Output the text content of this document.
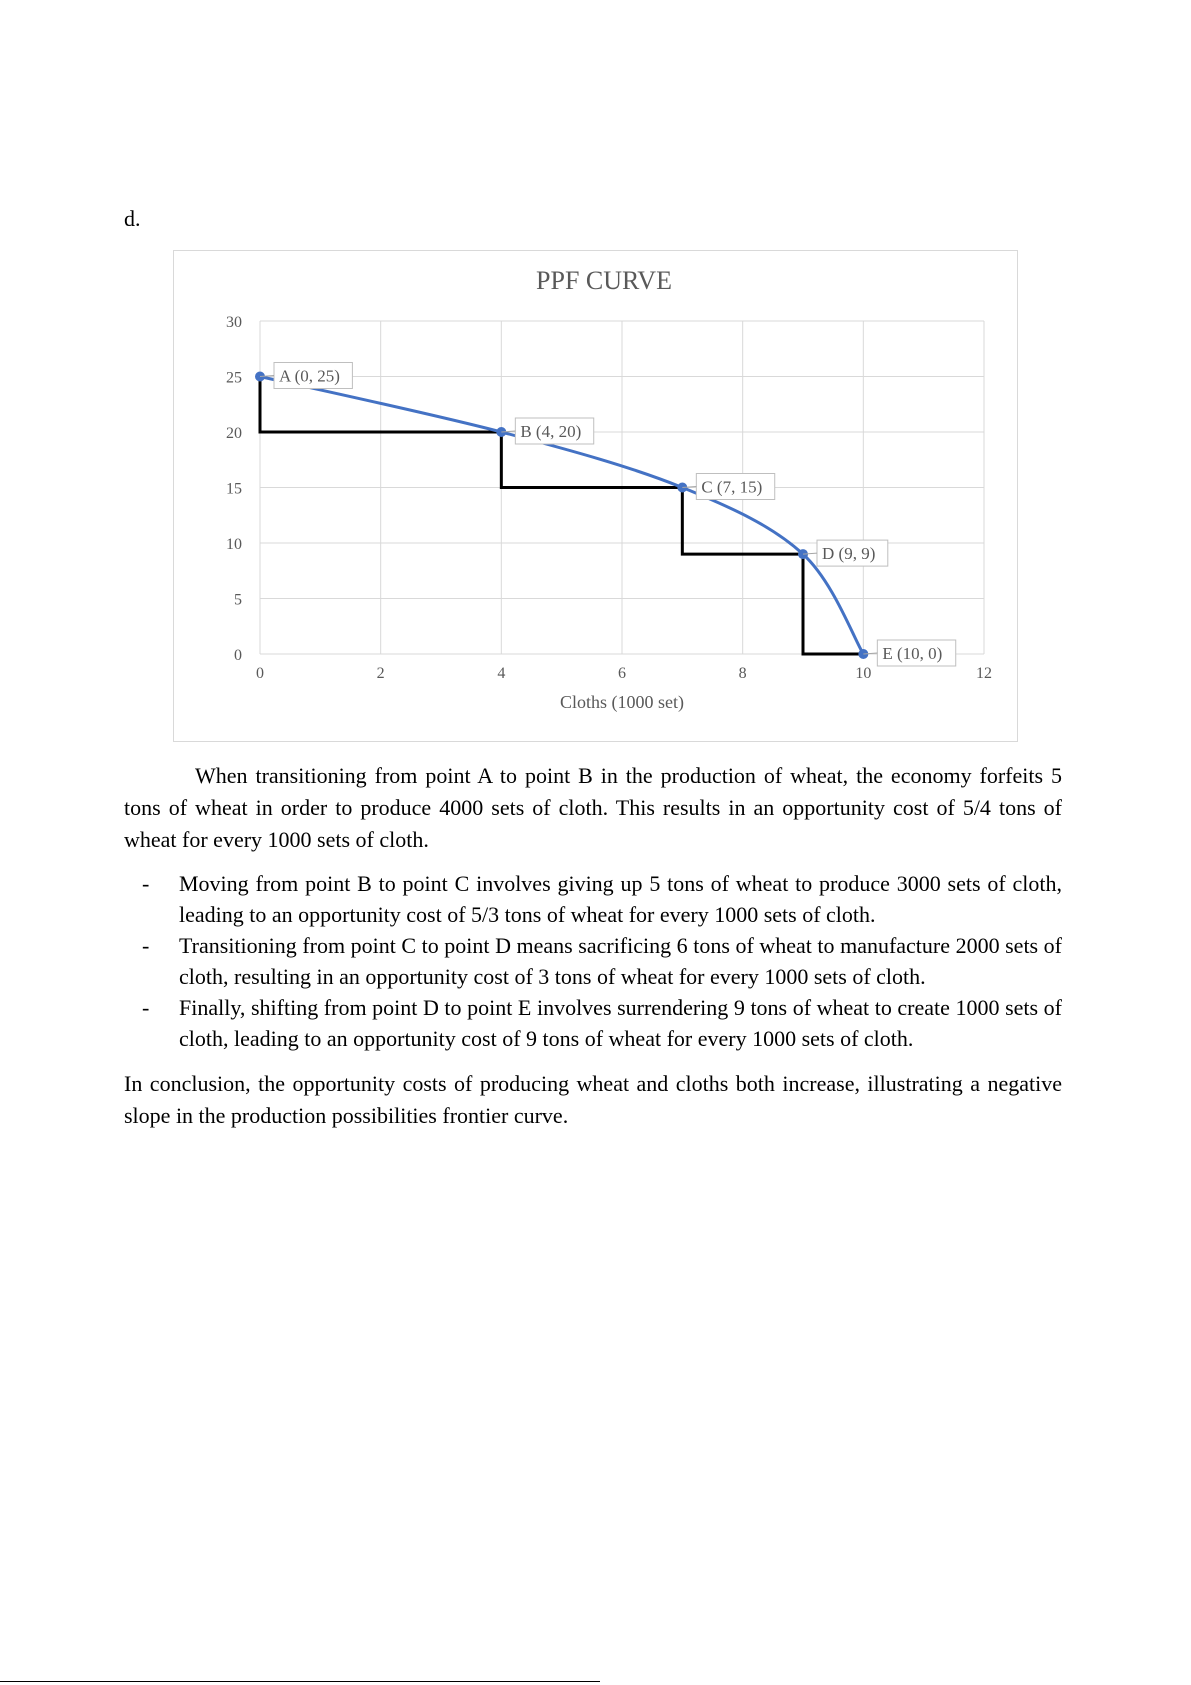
d.
PPF CURVE
0
5
10
15
20
25
30
0	2	4	6	8	10	12
A (0, 25)
B (4, 20)
C (7, 15)
D (9, 9)
E (10, 0)
Cloths (1000 set)

When transitioning from point A to point B in the production of wheat, the economy forfeits 5 tons of wheat in order to produce 4000 sets of cloth. This results in an opportunity cost of 5/4 tons of wheat for every 1000 sets of cloth.

- Moving from point B to point C involves giving up 5 tons of wheat to produce 3000 sets of cloth, leading to an opportunity cost of 5/3 tons of wheat for every 1000 sets of cloth.
- Transitioning from point C to point D means sacrificing 6 tons of wheat to manufacture 2000 sets of cloth, resulting in an opportunity cost of 3 tons of wheat for every 1000 sets of cloth.
- Finally, shifting from point D to point E involves surrendering 9 tons of wheat to create 1000 sets of cloth, leading to an opportunity cost of 9 tons of wheat for every 1000 sets of cloth.

In conclusion, the opportunity costs of producing wheat and cloths both increase, illustrating a negative slope in the production possibilities frontier curve.
